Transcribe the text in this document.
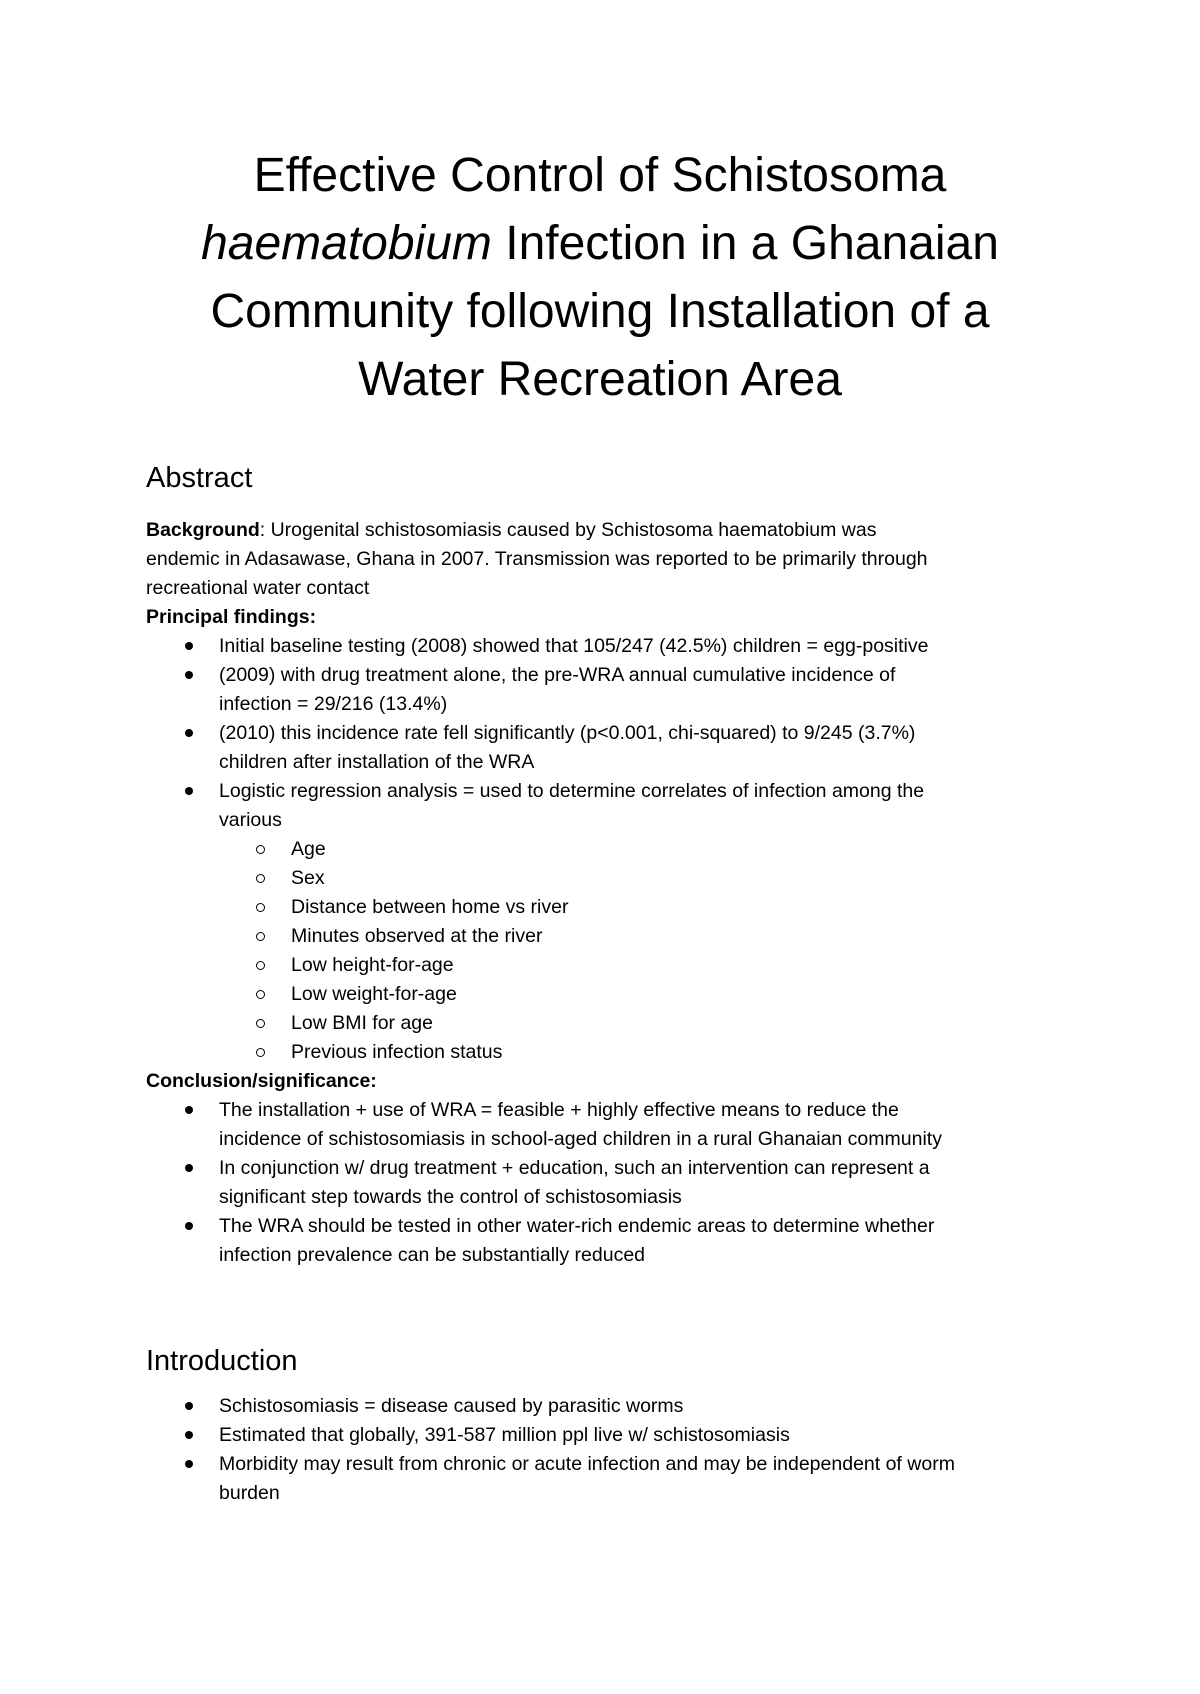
Effective Control of Schistosoma
haematobium Infection in a Ghanaian
Community following Installation of a
Water Recreation Area
Abstract

Background: Urogenital schistosomiasis caused by Schistosoma haematobium was

endemic in Adasawase, Ghana in 2007. Transmission was reported to be primarily through

recreational water contact

Principal findings:

Initial baseline testing (2008) showed that 105/247 (42.5%) children = egg-positive

(2009) with drug treatment alone, the pre-WRA annual cumulative incidence of

infection = 29/216 (13.4%)

(2010) this incidence rate fell significantly (p<0.001, chi-squared) to 9/245 (3.7%)

children after installation of the WRA

Logistic regression analysis = used to determine correlates of infection among the

various

Age

Sex

Distance between home vs river

Minutes observed at the river

Low height-for-age

Low weight-for-age

Low BMI for age

Previous infection status

Conclusion/significance:

The installation + use of WRA = feasible + highly effective means to reduce the

incidence of schistosomiasis in school-aged children in a rural Ghanaian community

In conjunction w/ drug treatment + education, such an intervention can represent a

significant step towards the control of schistosomiasis

The WRA should be tested in other water-rich endemic areas to determine whether

infection prevalence can be substantially reduced

Introduction

Schistosomiasis = disease caused by parasitic worms

Estimated that globally, 391-587 million ppl live w/ schistosomiasis

Morbidity may result from chronic or acute infection and may be independent of worm

burden
